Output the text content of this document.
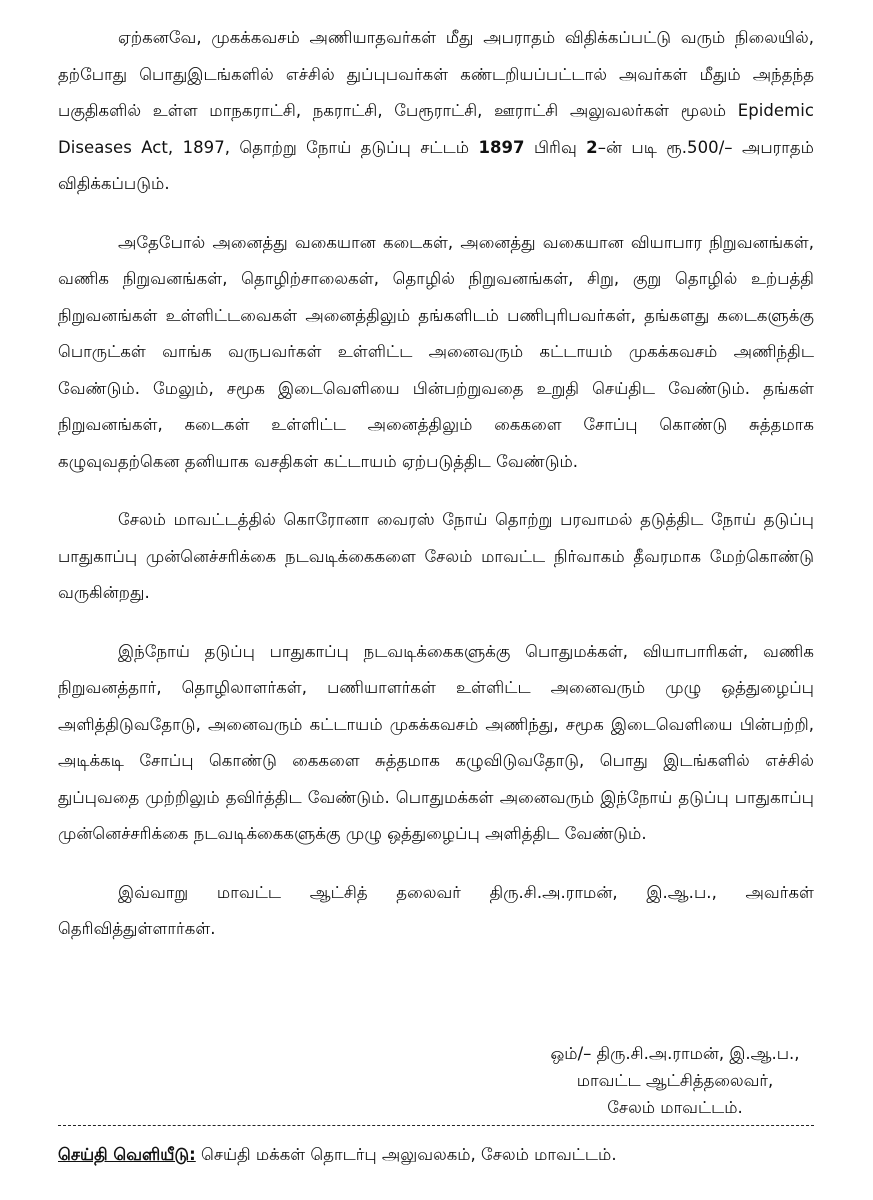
ஏற்கனவே, முகக்கவசம் அணியாதவர்கள் மீது அபராதம் விதிக்கப்பட்டு வரும் நிலையில், தற்போது பொதுஇடங்களில் எச்சில் துப்புபவர்கள் கண்டறியப்பட்டால் அவர்கள் மீதும் அந்தந்த பகுதிகளில் உள்ள மாநகராட்சி, நகராட்சி, பேரூராட்சி, ஊராட்சி அலுவலர்கள் மூலம் Epidemic Diseases Act, 1897, தொற்று நோய் தடுப்பு சட்டம் 1897 பிரிவு 2–ன் படி ரூ.500/– அபராதம் விதிக்கப்படும்.

அதேபோல் அனைத்து வகையான கடைகள், அனைத்து வகையான வியாபார நிறுவனங்கள், வணிக நிறுவனங்கள், தொழிற்சாலைகள், தொழில் நிறுவனங்கள், சிறு, குறு தொழில் உற்பத்தி நிறுவனங்கள் உள்ளிட்டவைகள் அனைத்திலும் தங்களிடம் பணிபுரிபவர்கள், தங்களது கடைகளுக்கு பொருட்கள் வாங்க வருபவர்கள் உள்ளிட்ட அனைவரும் கட்டாயம் முகக்கவசம் அணிந்திட வேண்டும். மேலும், சமூக இடைவெளியை பின்பற்றுவதை உறுதி செய்திட வேண்டும். தங்கள் நிறுவனங்கள், கடைகள் உள்ளிட்ட அனைத்திலும் கைகளை சோப்பு கொண்டு சுத்தமாக கழுவுவதற்கென தனியாக வசதிகள் கட்டாயம் ஏற்படுத்திட வேண்டும்.

சேலம் மாவட்டத்தில் கொரோனா வைரஸ் நோய் தொற்று பரவாமல் தடுத்திட நோய் தடுப்பு பாதுகாப்பு முன்னெச்சரிக்கை நடவடிக்கைகளை சேலம் மாவட்ட நிர்வாகம் தீவரமாக மேற்கொண்டு வருகின்றது.

இந்நோய் தடுப்பு பாதுகாப்பு நடவடிக்கைகளுக்கு பொதுமக்கள், வியாபாரிகள், வணிக நிறுவனத்தார், தொழிலாளர்கள், பணியாளர்கள் உள்ளிட்ட அனைவரும் முழு ஒத்துழைப்பு அளித்திடுவதோடு, அனைவரும் கட்டாயம் முகக்கவசம் அணிந்து, சமூக இடைவெளியை பின்பற்றி, அடிக்கடி சோப்பு கொண்டு கைகளை சுத்தமாக கழுவிடுவதோடு, பொது இடங்களில் எச்சில் துப்புவதை முற்றிலும் தவிர்த்திட வேண்டும். பொதுமக்கள் அனைவரும் இந்நோய் தடுப்பு பாதுகாப்பு முன்னெச்சரிக்கை நடவடிக்கைகளுக்கு முழு ஒத்துழைப்பு அளித்திட வேண்டும்.

இவ்வாறு மாவட்ட ஆட்சித் தலைவர் திரு.சி.அ.ராமன், இ.ஆ.ப., அவர்கள் தெரிவித்துள்ளார்கள்.

ஒம்/– திரு.சி.அ.ராமன், இ.ஆ.ப.,
மாவட்ட ஆட்சித்தலைவர்,
சேலம் மாவட்டம்.
செய்தி வெளியீடு: செய்தி மக்கள் தொடர்பு அலுவலகம், சேலம் மாவட்டம்.
